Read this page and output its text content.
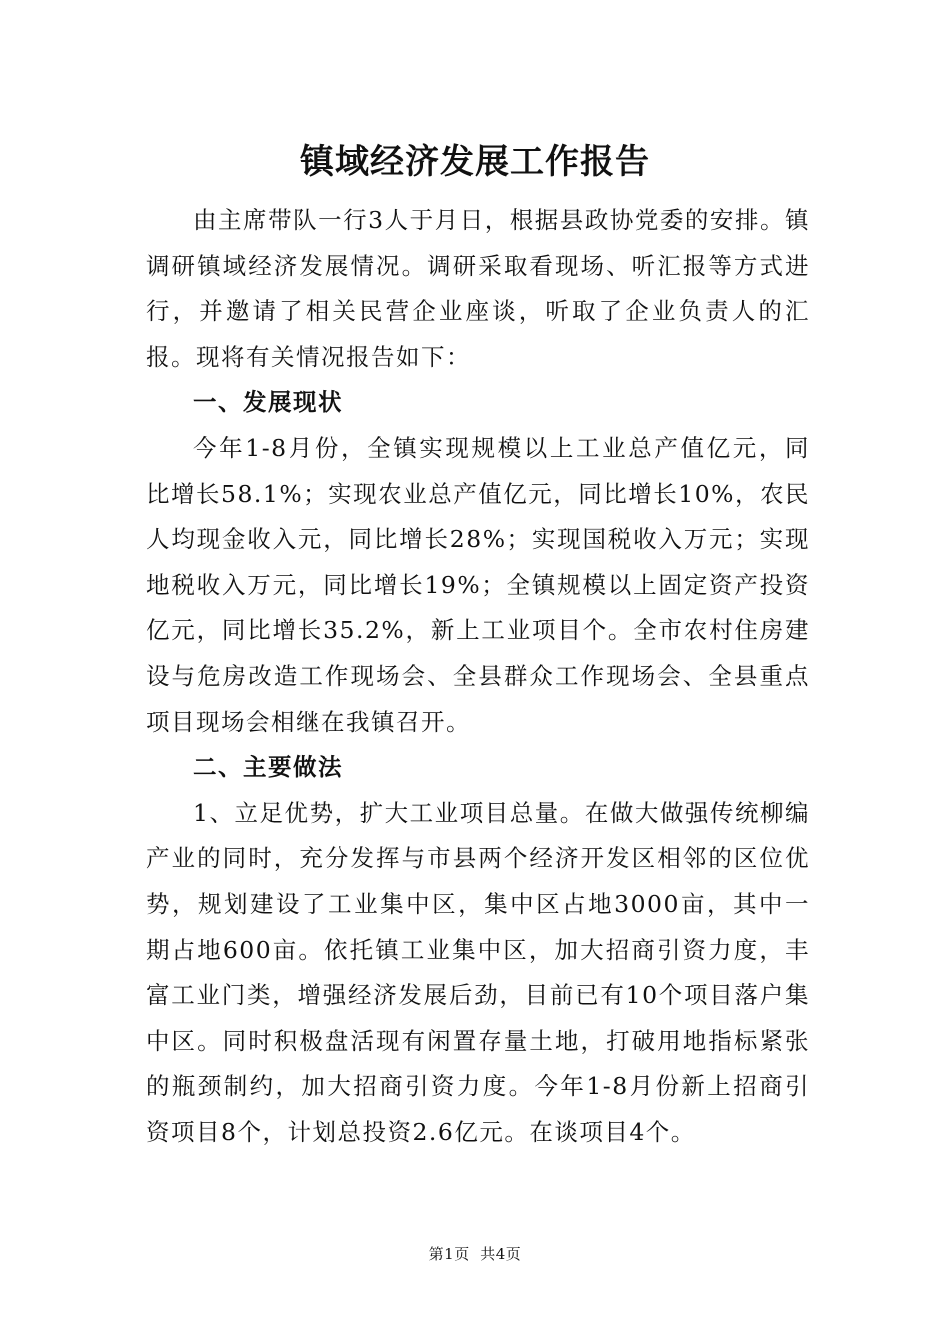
镇域经济发展工作报告

由主席带队一行3人于月日，根据县政协党委的安排。镇调研镇域经济发展情况。调研采取看现场、听汇报等方式进行，并邀请了相关民营企业座谈，听取了企业负责人的汇报。现将有关情况报告如下：

一、发展现状

今年1-8月份，全镇实现规模以上工业总产值亿元，同比增长58.1%；实现农业总产值亿元，同比增长10%，农民人均现金收入元，同比增长28%；实现国税收入万元；实现地税收入万元，同比增长19%；全镇规模以上固定资产投资亿元，同比增长35.2%，新上工业项目个。全市农村住房建设与危房改造工作现场会、全县群众工作现场会、全县重点项目现场会相继在我镇召开。

二、主要做法

1、立足优势，扩大工业项目总量。在做大做强传统柳编产业的同时，充分发挥与市县两个经济开发区相邻的区位优势，规划建设了工业集中区，集中区占地3000亩，其中一期占地600亩。依托镇工业集中区，加大招商引资力度，丰富工业门类，增强经济发展后劲，目前已有10个项目落户集中区。同时积极盘活现有闲置存量土地，打破用地指标紧张的瓶颈制约，加大招商引资力度。今年1-8月份新上招商引资项目8个，计划总投资2.6亿元。在谈项目4个。

第1页 共4页
